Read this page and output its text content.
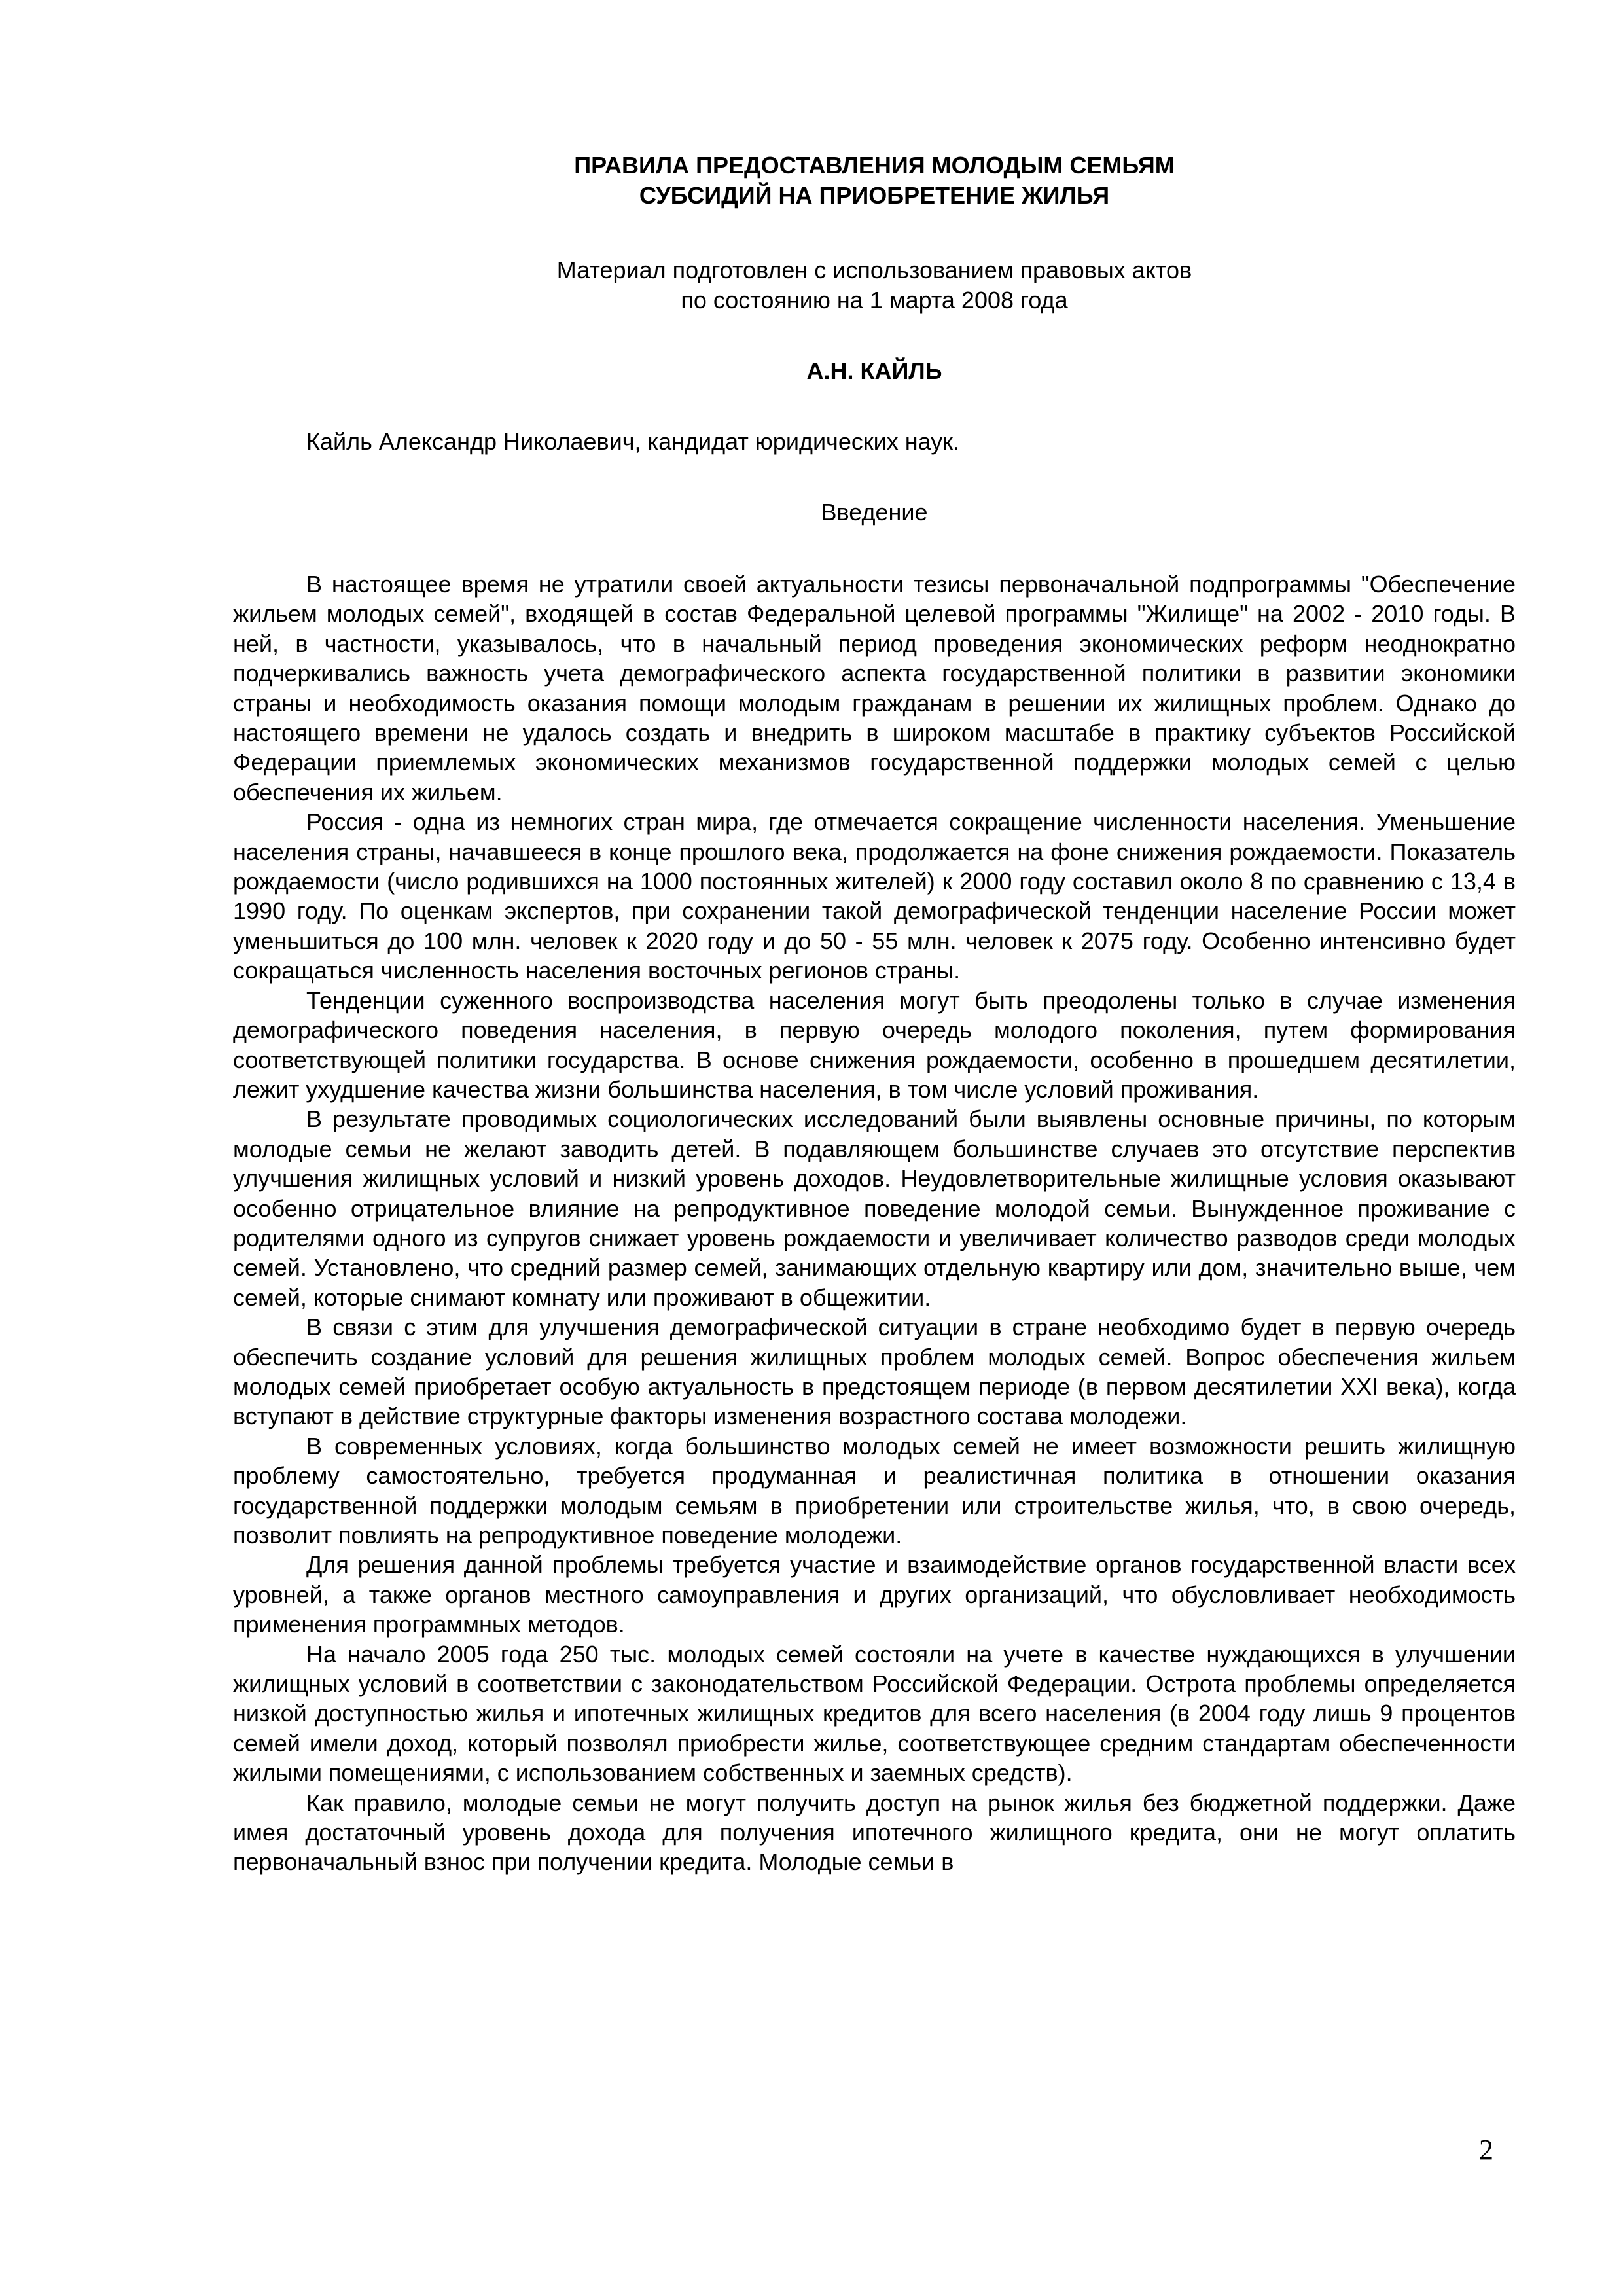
ПРАВИЛА ПРЕДОСТАВЛЕНИЯ МОЛОДЫМ СЕМЬЯМ
СУБСИДИЙ НА ПРИОБРЕТЕНИЕ ЖИЛЬЯ

Материал подготовлен с использованием правовых актов
по состоянию на 1 марта 2008 года

А.Н. КАЙЛЬ

Кайль Александр Николаевич, кандидат юридических наук.

Введение

В настоящее время не утратили своей актуальности тезисы первоначальной подпрограммы "Обеспечение жильем молодых семей", входящей в состав Федеральной целевой программы "Жилище" на 2002 - 2010 годы. В ней, в частности, указывалось, что в начальный период проведения экономических реформ неоднократно подчеркивались важность учета демографического аспекта государственной политики в развитии экономики страны и необходимость оказания помощи молодым гражданам в решении их жилищных проблем. Однако до настоящего времени не удалось создать и внедрить в широком масштабе в практику субъектов Российской Федерации приемлемых экономических механизмов государственной поддержки молодых семей с целью обеспечения их жильем.

Россия - одна из немногих стран мира, где отмечается сокращение численности населения. Уменьшение населения страны, начавшееся в конце прошлого века, продолжается на фоне снижения рождаемости. Показатель рождаемости (число родившихся на 1000 постоянных жителей) к 2000 году составил около 8 по сравнению с 13,4 в 1990 году. По оценкам экспертов, при сохранении такой демографической тенденции население России может уменьшиться до 100 млн. человек к 2020 году и до 50 - 55 млн. человек к 2075 году. Особенно интенсивно будет сокращаться численность населения восточных регионов страны.

Тенденции суженного воспроизводства населения могут быть преодолены только в случае изменения демографического поведения населения, в первую очередь молодого поколения, путем формирования соответствующей политики государства. В основе снижения рождаемости, особенно в прошедшем десятилетии, лежит ухудшение качества жизни большинства населения, в том числе условий проживания.

В результате проводимых социологических исследований были выявлены основные причины, по которым молодые семьи не желают заводить детей. В подавляющем большинстве случаев это отсутствие перспектив улучшения жилищных условий и низкий уровень доходов. Неудовлетворительные жилищные условия оказывают особенно отрицательное влияние на репродуктивное поведение молодой семьи. Вынужденное проживание с родителями одного из супругов снижает уровень рождаемости и увеличивает количество разводов среди молодых семей. Установлено, что средний размер семей, занимающих отдельную квартиру или дом, значительно выше, чем семей, которые снимают комнату или проживают в общежитии.

В связи с этим для улучшения демографической ситуации в стране необходимо будет в первую очередь обеспечить создание условий для решения жилищных проблем молодых семей. Вопрос обеспечения жильем молодых семей приобретает особую актуальность в предстоящем периоде (в первом десятилетии XXI века), когда вступают в действие структурные факторы изменения возрастного состава молодежи.

В современных условиях, когда большинство молодых семей не имеет возможности решить жилищную проблему самостоятельно, требуется продуманная и реалистичная политика в отношении оказания государственной поддержки молодым семьям в приобретении или строительстве жилья, что, в свою очередь, позволит повлиять на репродуктивное поведение молодежи.

Для решения данной проблемы требуется участие и взаимодействие органов государственной власти всех уровней, а также органов местного самоуправления и других организаций, что обусловливает необходимость применения программных методов.

На начало 2005 года 250 тыс. молодых семей состояли на учете в качестве нуждающихся в улучшении жилищных условий в соответствии с законодательством Российской Федерации. Острота проблемы определяется низкой доступностью жилья и ипотечных жилищных кредитов для всего населения (в 2004 году лишь 9 процентов семей имели доход, который позволял приобрести жилье, соответствующее средним стандартам обеспеченности жилыми помещениями, с использованием собственных и заемных средств).

Как правило, молодые семьи не могут получить доступ на рынок жилья без бюджетной поддержки. Даже имея достаточный уровень дохода для получения ипотечного жилищного кредита, они не могут оплатить первоначальный взнос при получении кредита. Молодые семьи в

2
